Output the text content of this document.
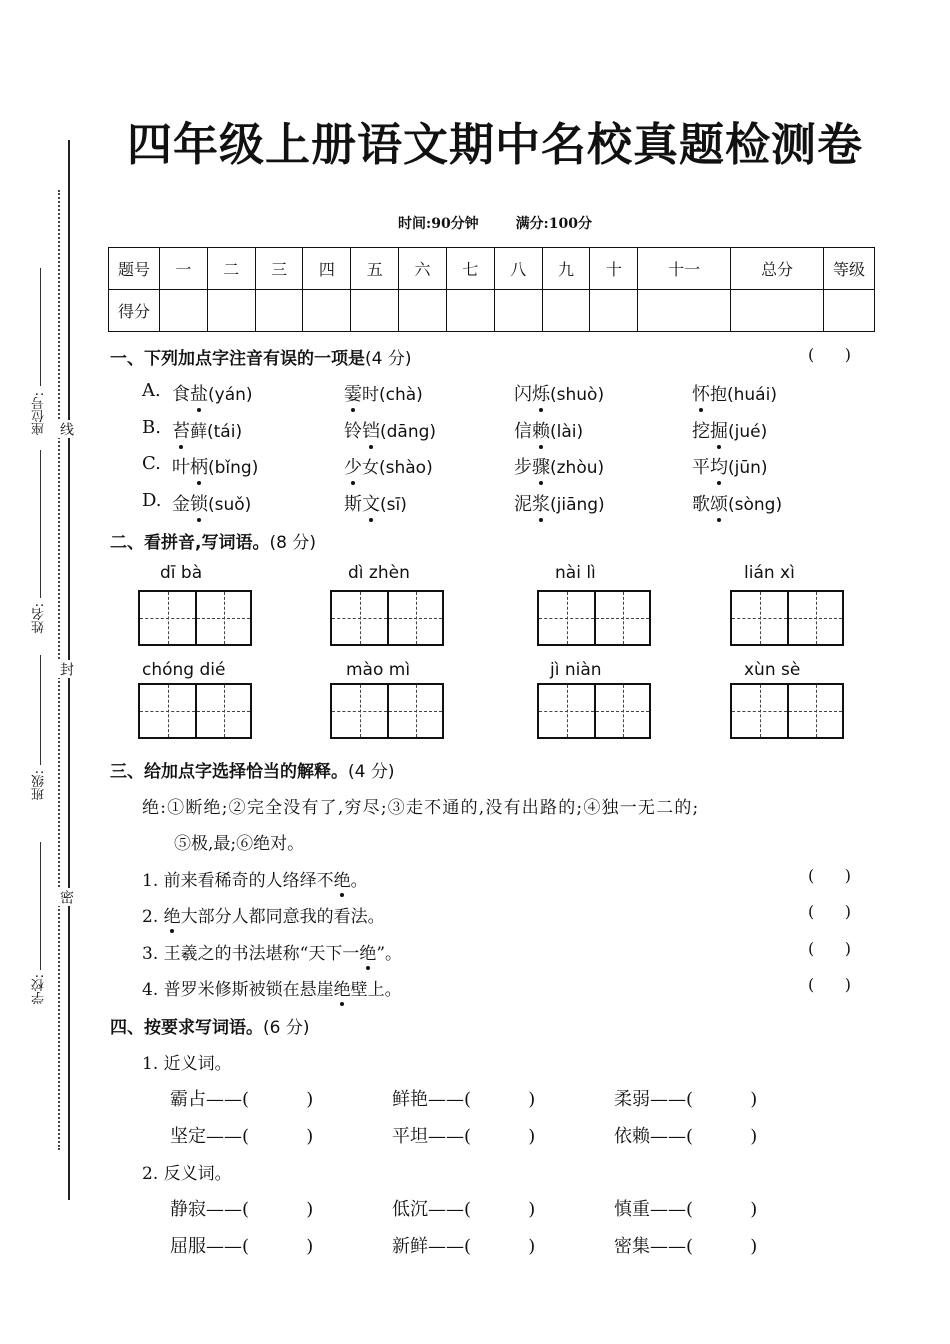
座位号:
姓名:
班级:
学校:
线
封
密
四年级上册语文期中名校真题检测卷
时间:90分钟	满分:100分
题号	一	二	三	四	五	六	七	八	九	十	十一	总分	等级
得分													
一、下列加点字注音有误的一项是(4 分)	(      )
A. 食盐(yán)	霎时(chà)	闪烁(shuò)	怀抱(huái)
B. 苔藓(tái)	铃铛(dāng)	信赖(lài)	挖掘(jué)
C. 叶柄(bǐng)	少女(shào)	步骤(zhòu)	平均(jūn)
D. 金锁(suǒ)	斯文(sī)	泥浆(jiāng)	歌颂(sòng)
二、看拼音,写词语。(8 分)
dī bà	dì zhèn	nài lì	lián xì
chóng dié	mào mì	jì niàn	xùn sè
三、给加点字选择恰当的解释。(4 分)
绝:①断绝;②完全没有了,穷尽;③走不通的,没有出路的;④独一无二的;
⑤极,最;⑥绝对。
1. 前来看稀奇的人络绎不绝。	(      )
2. 绝大部分人都同意我的看法。	(      )
3. 王羲之的书法堪称“天下一绝”。	(      )
4. 普罗米修斯被锁在悬崖绝壁上。	(      )
四、按要求写词语。(6 分)
1. 近义词。
霸占——(          )	鲜艳——(          )	柔弱——(          )
坚定——(          )	平坦——(          )	依赖——(          )
2. 反义词。
静寂——(          )	低沉——(          )	慎重——(          )
屈服——(          )	新鲜——(          )	密集——(          )
